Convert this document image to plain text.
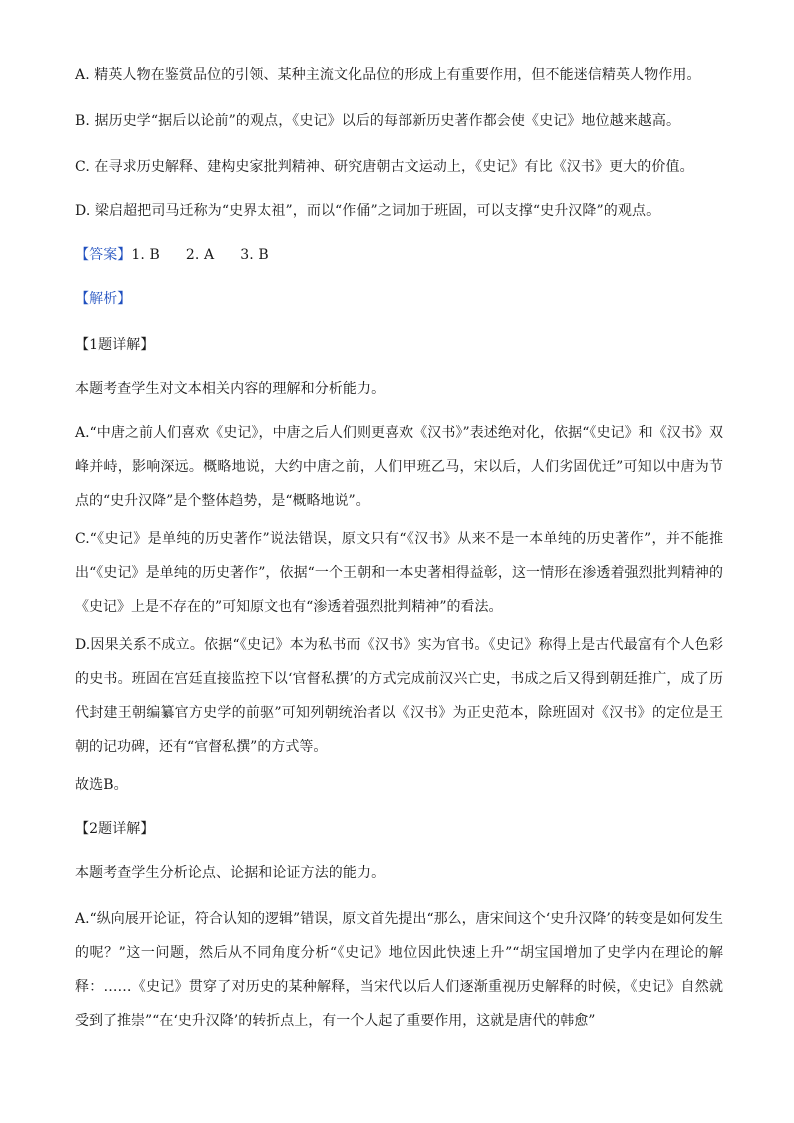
A. 精英人物在鉴赏品位的引领、某种主流文化品位的形成上有重要作用，但不能迷信精英人物作用。
B. 据历史学“据后以论前”的观点，《史记》以后的每部新历史著作都会使《史记》地位越来越高。
C. 在寻求历史解释、建构史家批判精神、研究唐朝古文运动上，《史记》有比《汉书》更大的价值。
D. 梁启超把司马迁称为“史界太祖”，而以“作俑”之词加于班固，可以支撑“史升汉降”的观点。
【答案】1. B 2. A 3. B
【解析】
【1题详解】
本题考查学生对文本相关内容的理解和分析能力。
A.“中唐之前人们喜欢《史记》，中唐之后人们则更喜欢《汉书》”表述绝对化，依据“《史记》和《汉书》双峰并峙，影响深远。概略地说，大约中唐之前，人们甲班乙马，宋以后，人们劣固优迁”可知以中唐为节点的“史升汉降”是个整体趋势，是“概略地说”。
C.“《史记》是单纯的历史著作”说法错误，原文只有“《汉书》从来不是一本单纯的历史著作”，并不能推出“《史记》是单纯的历史著作”，依据“一个王朝和一本史著相得益彰，这一情形在渗透着强烈批判精神的《史记》上是不存在的”可知原文也有“渗透着强烈批判精神”的看法。
D.因果关系不成立。依据“《史记》本为私书而《汉书》实为官书。《史记》称得上是古代最富有个人色彩的史书。班固在宫廷直接监控下以‘官督私撰’的方式完成前汉兴亡史，书成之后又得到朝廷推广，成了历代封建王朝编纂官方史学的前驱”可知列朝统治者以《汉书》为正史范本，除班固对《汉书》的定位是王朝的记功碑，还有“官督私撰”的方式等。
故选B。
【2题详解】
本题考查学生分析论点、论据和论证方法的能力。
A.“纵向展开论证，符合认知的逻辑”错误，原文首先提出“那么，唐宋间这个‘史升汉降’的转变是如何发生的呢？”这一问题，然后从不同角度分析“《史记》地位因此快速上升”“胡宝国增加了史学内在理论的解释：……《史记》贯穿了对历史的某种解释，当宋代以后人们逐渐重视历史解释的时候，《史记》自然就受到了推崇”“在‘史升汉降’的转折点上，有一个人起了重要作用，这就是唐代的韩愈”
